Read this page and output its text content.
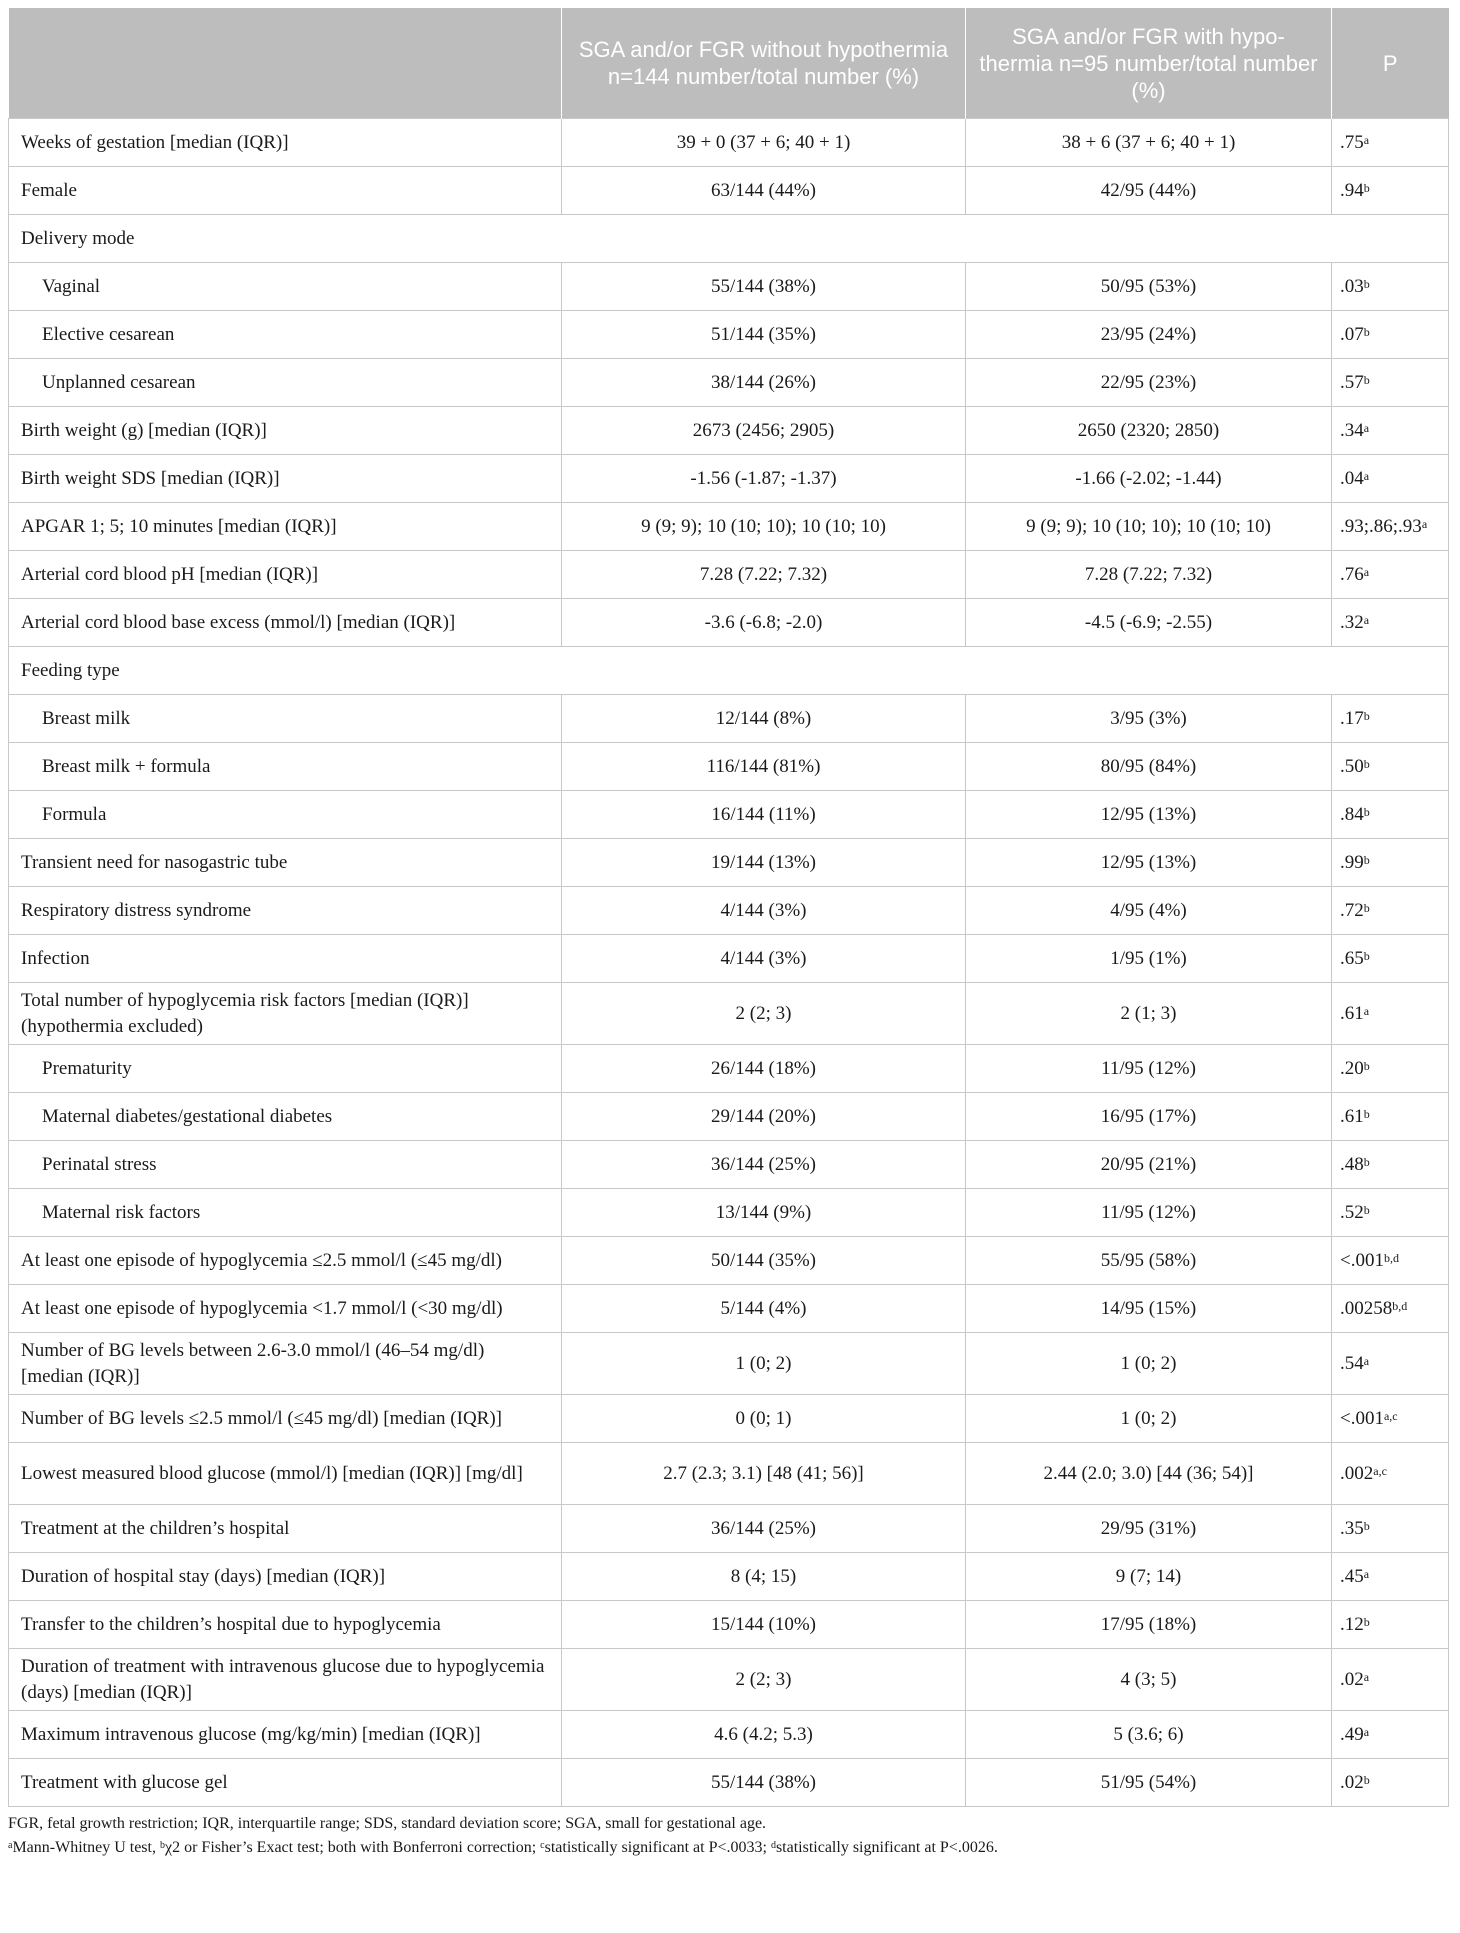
	SGA and/or FGR without hypothermia n=144 number/total number (%)	SGA and/or FGR with hypo- thermia n=95 number/total number (%)	P
Weeks of gestation [median (IQR)]	39 + 0 (37 + 6; 40 + 1)	38 + 6 (37 + 6; 40 + 1)	.75$^a$
Female	63/144 (44%)	42/95 (44%)	.94$^b$
Delivery mode			
Vaginal	55/144 (38%)	50/95 (53%)	.03$^b$
Elective cesarean	51/144 (35%)	23/95 (24%)	.07$^b$
Unplanned cesarean	38/144 (26%)	22/95 (23%)	.57$^b$
Birth weight (g) [median (IQR)]	2673 (2456; 2905)	2650 (2320; 2850)	.34$^a$
Birth weight SDS [median (IQR)]	-1.56 (-1.87; -1.37)	-1.66 (-2.02; -1.44)	.04$^a$
APGAR 1; 5; 10 minutes [median (IQR)]	9 (9; 9); 10 (10; 10); 10 (10; 10)	9 (9; 9); 10 (10; 10); 10 (10; 10)	.93;.86;.93$^a$
Arterial cord blood pH [median (IQR)]	7.28 (7.22; 7.32)	7.28 (7.22; 7.32)	.76$^a$
Arterial cord blood base excess (mmol/l) [median (IQR)]	-3.6 (-6.8; -2.0)	-4.5 (-6.9; -2.55)	.32$^a$
Feeding type			
Breast milk	12/144 (8%)	3/95 (3%)	.17$^b$
Breast milk + formula	116/144 (81%)	80/95 (84%)	.50$^b$
Formula	16/144 (11%)	12/95 (13%)	.84$^b$
Transient need for nasogastric tube	19/144 (13%)	12/95 (13%)	.99$^b$
Respiratory distress syndrome	4/144 (3%)	4/95 (4%)	.72$^b$
Infection	4/144 (3%)	1/95 (1%)	.65$^b$
Total number of hypoglycemia risk factors [median (IQR)] (hypothermia excluded)	2 (2; 3)	2 (1; 3)	.61$^a$
Prematurity	26/144 (18%)	11/95 (12%)	.20$^b$
Maternal diabetes/gestational diabetes	29/144 (20%)	16/95 (17%)	.61$^b$
Perinatal stress	36/144 (25%)	20/95 (21%)	.48$^b$
Maternal risk factors	13/144 (9%)	11/95 (12%)	.52$^b$
At least one episode of hypoglycemia ≤2.5 mmol/l (≤45 mg/dl)	50/144 (35%)	55/95 (58%)	$<.001^{b,d}$
At least one episode of hypoglycemia <1.7 mmol/l (<30 mg/dl)	5/144 (4%)	14/95 (15%)	.00258$^{b,d}$
Number of BG levels between 2.6-3.0 mmol/l (46–54 mg/dl) [median (IQR)]	1 (0; 2)	1 (0; 2)	.54$^a$
Number of BG levels ≤2.5 mmol/l (≤45 mg/dl) [median (IQR)]	0 (0; 1)	1 (0; 2)	$<.001^{a,c}$
Lowest measured blood glucose (mmol/l) [median (IQR)] [mg/dl]	2.7 (2.3; 3.1) [48 (41; 56)]	2.44 (2.0; 3.0) [44 (36; 54)]	.002$^{a,c}$
Treatment at the children’s hospital	36/144 (25%)	29/95 (31%)	.35$^b$
Duration of hospital stay (days) [median (IQR)]	8 (4; 15)	9 (7; 14)	.45$^a$
Transfer to the children’s hospital due to hypoglycemia	15/144 (10%)	17/95 (18%)	.12$^b$
Duration of treatment with intravenous glucose due to hypoglycemia (days) [median (IQR)]	2 (2; 3)	4 (3; 5)	.02$^a$
Maximum intravenous glucose (mg/kg/min) [median (IQR)]	4.6 (4.2; 5.3)	5 (3.6; 6)	.49$^a$
Treatment with glucose gel	55/144 (38%)	51/95 (54%)	.02$^b$
FGR, fetal growth restriction; IQR, interquartile range; SDS, standard deviation score; SGA, small for gestational age.
$^a$Mann-Whitney U test, $^b$χ2 or Fisher’s Exact test; both with Bonferroni correction; $^c$statistically significant at P<.0033; $^d$statistically significant at P<.0026.
